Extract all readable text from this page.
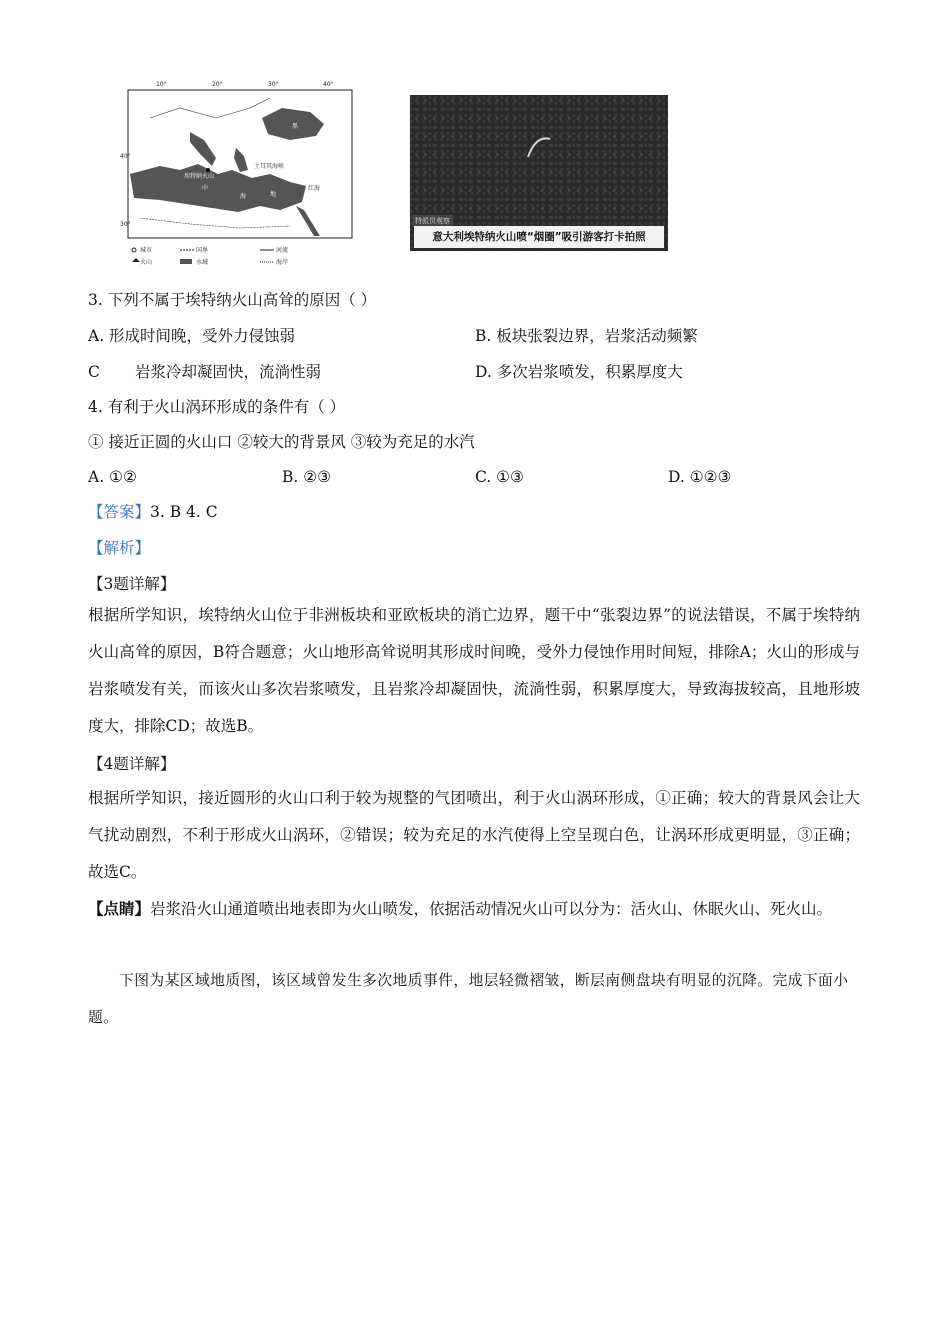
10°	20°	30°	40°
40°
30°
埃特纳火山
土耳其海峡
黑
中
海	地
红海
城市	国界	河流
火山	水域	海岸
特派员观察
意大利埃特纳火山喷“烟圈”吸引游客打卡拍照
3. 下列不属于埃特纳火山高耸的原因（ ）
A. 形成时间晚，受外力侵蚀弱	B. 板块张裂边界，岩浆活动频繁
C 岩浆冷却凝固快，流淌性弱	D. 多次岩浆喷发，积累厚度大
4. 有利于火山涡环形成的条件有（ ）
① 接近正圆的火山口 ②较大的背景风 ③较为充足的水汽
A. ①②	B. ②③	C. ①③	D. ①②③
【答案】3. B 4. C
【解析】
【3题详解】
根据所学知识，埃特纳火山位于非洲板块和亚欧板块的消亡边界，题干中“张裂边界”的说法错误，不属于埃特纳火山高耸的原因，B符合题意；火山地形高耸说明其形成时间晚，受外力侵蚀作用时间短，排除A；火山的形成与岩浆喷发有关，而该火山多次岩浆喷发，且岩浆冷却凝固快，流淌性弱，积累厚度大，导致海拔较高，且地形坡度大，排除CD；故选B。
【4题详解】
根据所学知识，接近圆形的火山口利于较为规整的气团喷出，利于火山涡环形成，①正确；较大的背景风会让大气扰动剧烈，不利于形成火山涡环，②错误；较为充足的水汽使得上空呈现白色，让涡环形成更明显，③正确；故选C。
【点睛】岩浆沿火山通道喷出地表即为火山喷发，依据活动情况火山可以分为：活火山、休眠火山、死火山。
下图为某区域地质图，该区域曾发生多次地质事件，地层轻微褶皱，断层南侧盘块有明显的沉降。完成下面小题。
